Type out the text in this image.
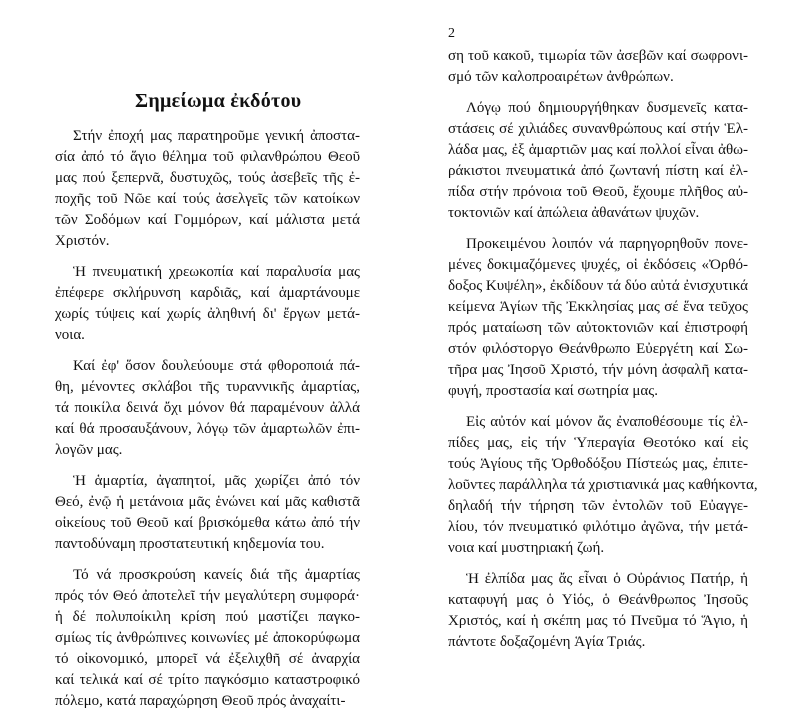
Σημείωμα ἐκδότου
Στήν ἐποχή μας παρατηροῦμε γενική ἀποστα-
σία ἀπό τό ἅγιο θέλημα τοῦ φιλανθρώπου Θεοῦ
μας πού ξεπερνᾶ, δυστυχῶς, τούς ἀσεβεῖς τῆς ἐ-
ποχῆς τοῦ Νῶε καί τούς ἀσελγεῖς τῶν κατοίκων
τῶν Σοδόμων καί Γομμόρων, καί μάλιστα μετά
Χριστόν.
Ἡ πνευματική χρεωκοπία καί παραλυσία μας
ἐπέφερε σκλήρυνση καρδιᾶς, καί ἁμαρτάνουμε
χωρίς τύψεις καί χωρίς ἀληθινή δι' ἔργων μετά-
νοια.
Καί ἐφ' ὅσον δουλεύουμε στά φθοροποιά πά-
θη, μένοντες σκλάβοι τῆς τυραννικῆς ἁμαρτίας,
τά ποικίλα δεινά ὄχι μόνον θά παραμένουν ἀλλά
καί θά προσαυξάνουν, λόγῳ τῶν ἁμαρτωλῶν ἐπι-
λογῶν μας.
Ἡ ἁμαρτία, ἀγαπητοί, μᾶς χωρίζει ἀπό τόν
Θεό, ἐνῷ ἡ μετάνοια μᾶς ἑνώνει καί μᾶς καθιστᾶ
οἰκείους τοῦ Θεοῦ καί βρισκόμεθα κάτω ἀπό τήν
παντοδύναμη προστατευτική κηδεμονία του.
Τό νά προσκρούση κανείς διά τῆς ἁμαρτίας
πρός τόν Θεό ἀποτελεῖ τήν μεγαλύτερη συμφορά·
ἡ δέ πολυποίκιλη κρίση πού μαστίζει παγκο-
σμίως τίς ἀνθρώπινες κοινωνίες μέ ἀποκορύφωμα
τό οἰκονομικό, μπορεῖ νά ἐξελιχθῆ σέ ἀναρχία
καί τελικά καί σέ τρίτο παγκόσμιο καταστροφικό
πόλεμο, κατά παραχώρηση Θεοῦ πρός ἀναχαίτι-
2
ση τοῦ κακοῦ, τιμωρία τῶν ἀσεβῶν καί σωφρονι-
σμό τῶν καλοπροαιρέτων ἀνθρώπων.
Λόγῳ πού δημιουργήθηκαν δυσμενεῖς κατα-
στάσεις σέ χιλιάδες συνανθρώπους καί στήν Ἑλ-
λάδα μας, ἐξ ἁμαρτιῶν μας καί πολλοί εἶναι ἀθω-
ράκιστοι πνευματικά ἀπό ζωντανή πίστη καί ἐλ-
πίδα στήν πρόνοια τοῦ Θεοῦ, ἔχουμε πλῆθος αὐ-
τοκτονιῶν καί ἀπώλεια ἀθανάτων ψυχῶν.
Προκειμένου λοιπόν νά παρηγορηθοῦν πονε-
μένες δοκιμαζόμενες ψυχές, οἱ ἐκδόσεις «Ὀρθό-
δοξος Κυψέλη», ἐκδίδουν τά δύο αὐτά ἐνισχυτικά
κείμενα Ἁγίων τῆς Ἐκκλησίας μας σέ ἕνα τεῦχος
πρός ματαίωση τῶν αὐτοκτονιῶν καί ἐπιστροφή
στόν φιλόστοργο Θεάνθρωπο Εὐεργέτη καί Σω-
τῆρα μας Ἰησοῦ Χριστό, τήν μόνη ἀσφαλῆ κατα-
φυγή, προστασία καί σωτηρία μας.
Εἰς αὐτόν καί μόνον ἄς ἐναποθέσουμε τίς ἐλ-
πίδες μας, εἰς τήν Ὑπεραγία Θεοτόκο καί εἰς
τούς Ἁγίους τῆς Ὀρθοδόξου Πίστεώς μας, ἐπιτε-
λοῦντες παράλληλα τά χριστιανικά μας καθήκοντα,
δηλαδή τήν τήρηση τῶν ἐντολῶν τοῦ Εὐαγγε-
λίου, τόν πνευματικό φιλότιμο ἀγῶνα, τήν μετά-
νοια καί μυστηριακή ζωή.
Ἡ ἐλπίδα μας ἄς εἶναι ὁ Οὐράνιος Πατήρ, ἡ
καταφυγή μας ὁ Υἱός, ὁ Θεάνθρωπος Ἰησοῦς
Χριστός, καί ἡ σκέπη μας τό Πνεῦμα τό Ἅγιο, ἡ
πάντοτε δοξαζομένη Ἁγία Τριάς.
